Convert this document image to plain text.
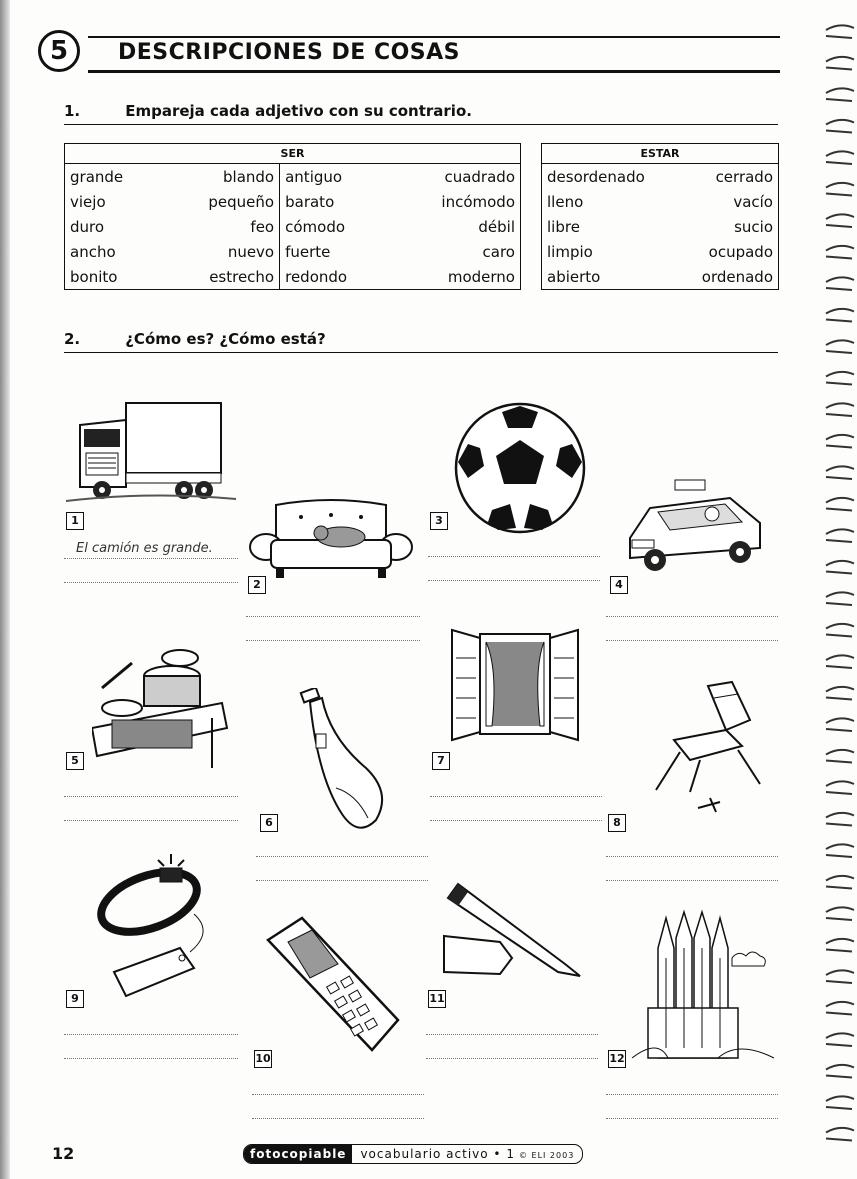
5	DESCRIPCIONES DE COSAS
1.	Empareja cada adjetivo con su contrario.
SER			
grande	blando	antiguo	cuadrado
viejo	pequeño	barato	incómodo
duro	feo	cómodo	débil
ancho	nuevo	fuerte	caro
bonito	estrecho	redondo	moderno
ESTAR	
desordenado	cerrado
lleno	vacío
libre	sucio
limpio	ocupado
abierto	ordenado
2.	¿Cómo es? ¿Cómo está?
1
2
3
4
5
6
7
8
9
10
11
12
El camión es grande.
12	fotocopiable	vocabulario activo • 1 © ELI 2003
